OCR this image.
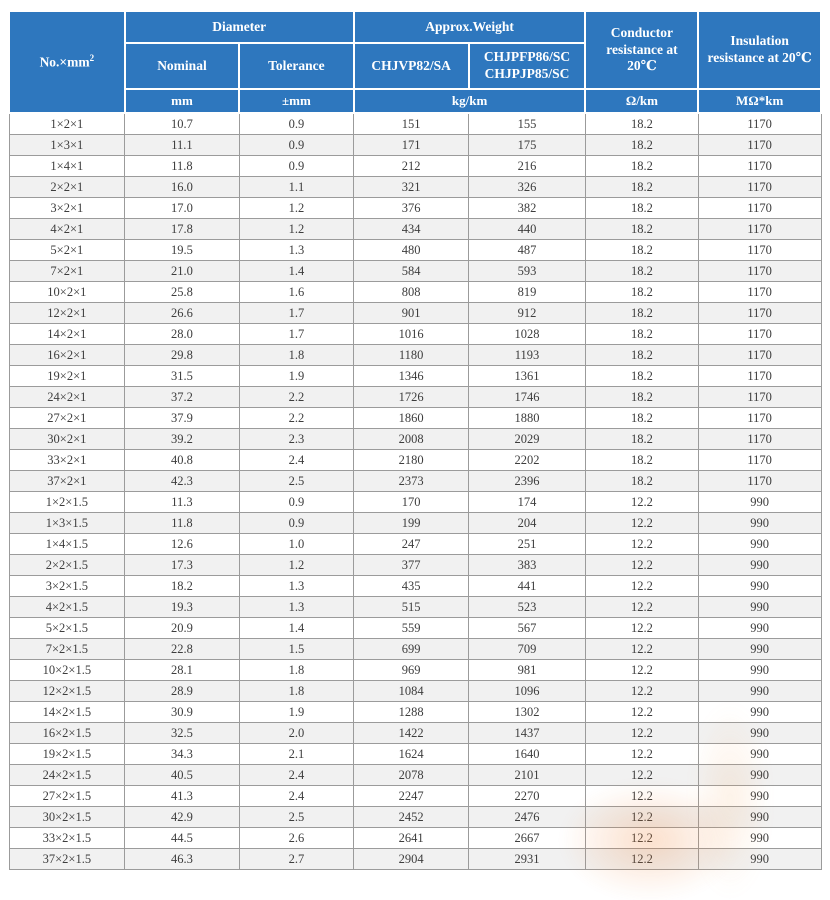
$No.\times mm^2$	Diameter		Approx.Weight		Conductor resistance at 20℃	Insulation resistance at 20℃
	Nominal	Tolerance	CHJVP82/SA	CHJPFP86/SC CHJPJP85/SC		
	mm	±mm	kg/km		Ω/km	MΩ*km
1×2×1	10.7	0.9	151	155	18.2	1170
1×3×1	11.1	0.9	171	175	18.2	1170
1×4×1	11.8	0.9	212	216	18.2	1170
2×2×1	16.0	1.1	321	326	18.2	1170
3×2×1	17.0	1.2	376	382	18.2	1170
4×2×1	17.8	1.2	434	440	18.2	1170
5×2×1	19.5	1.3	480	487	18.2	1170
7×2×1	21.0	1.4	584	593	18.2	1170
10×2×1	25.8	1.6	808	819	18.2	1170
12×2×1	26.6	1.7	901	912	18.2	1170
14×2×1	28.0	1.7	1016	1028	18.2	1170
16×2×1	29.8	1.8	1180	1193	18.2	1170
19×2×1	31.5	1.9	1346	1361	18.2	1170
24×2×1	37.2	2.2	1726	1746	18.2	1170
27×2×1	37.9	2.2	1860	1880	18.2	1170
30×2×1	39.2	2.3	2008	2029	18.2	1170
33×2×1	40.8	2.4	2180	2202	18.2	1170
37×2×1	42.3	2.5	2373	2396	18.2	1170
1×2×1.5	11.3	0.9	170	174	12.2	990
1×3×1.5	11.8	0.9	199	204	12.2	990
1×4×1.5	12.6	1.0	247	251	12.2	990
2×2×1.5	17.3	1.2	377	383	12.2	990
3×2×1.5	18.2	1.3	435	441	12.2	990
4×2×1.5	19.3	1.3	515	523	12.2	990
5×2×1.5	20.9	1.4	559	567	12.2	990
7×2×1.5	22.8	1.5	699	709	12.2	990
10×2×1.5	28.1	1.8	969	981	12.2	990
12×2×1.5	28.9	1.8	1084	1096	12.2	990
14×2×1.5	30.9	1.9	1288	1302	12.2	990
16×2×1.5	32.5	2.0	1422	1437	12.2	990
19×2×1.5	34.3	2.1	1624	1640	12.2	990
24×2×1.5	40.5	2.4	2078	2101	12.2	990
27×2×1.5	41.3	2.4	2247	2270	12.2	990
30×2×1.5	42.9	2.5	2452	2476	12.2	990
33×2×1.5	44.5	2.6	2641	2667	12.2	990
37×2×1.5	46.3	2.7	2904	2931	12.2	990
